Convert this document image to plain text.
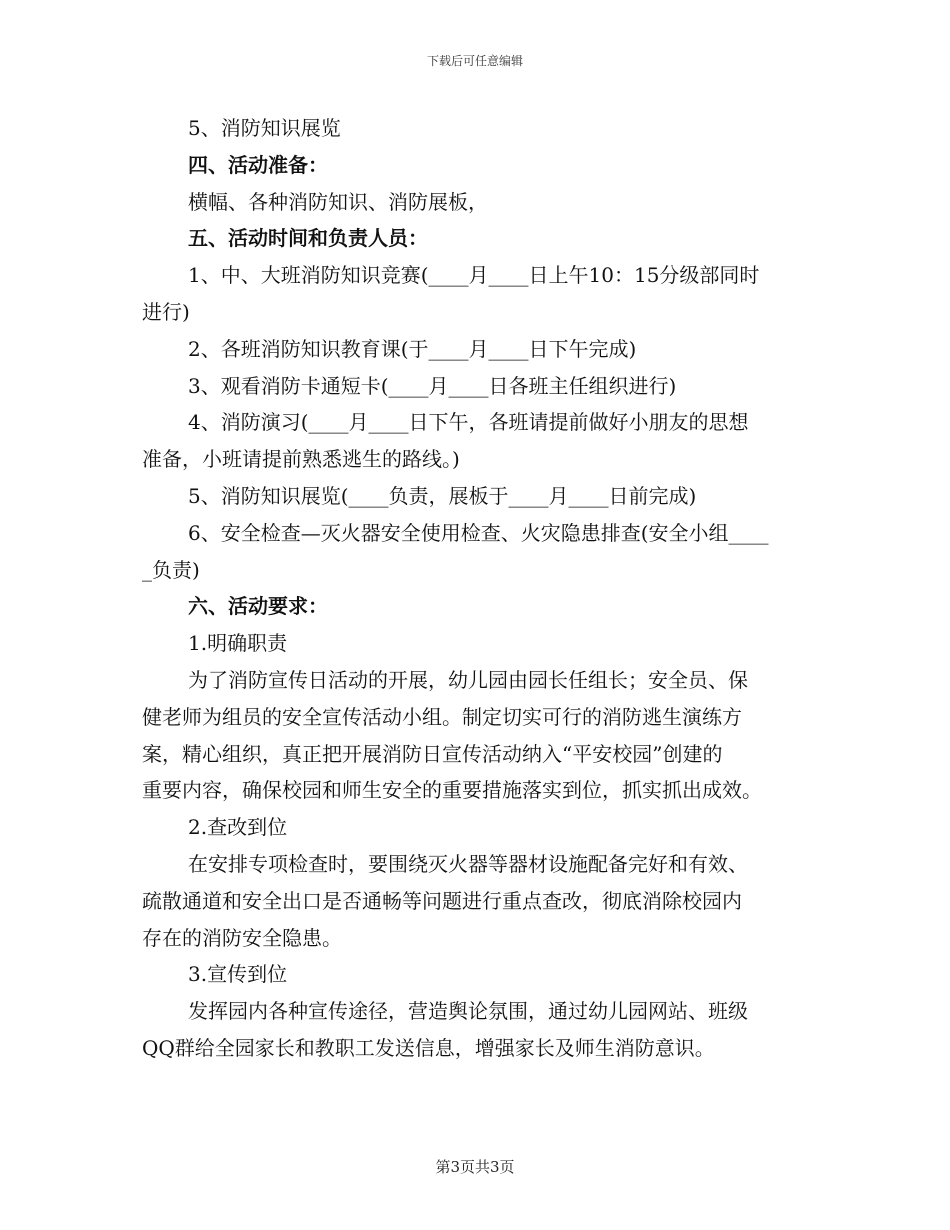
下载后可任意编辑
5、消防知识展览
四、活动准备：
横幅、各种消防知识、消防展板，
五、活动时间和负责人员：
1、中、大班消防知识竞赛(____月____日上午10：15分级部同时
进行)
2、各班消防知识教育课(于____月____日下午完成)
3、观看消防卡通短卡(____月____日各班主任组织进行)
4、消防演习(____月____日下午，各班请提前做好小朋友的思想
准备，小班请提前熟悉逃生的路线。)
5、消防知识展览(____负责，展板于____月____日前完成)
6、安全检查—灭火器安全使用检查、火灾隐患排查(安全小组____
_负责)
六、活动要求：
1.明确职责
为了消防宣传日活动的开展，幼儿园由园长任组长；安全员、保
健老师为组员的安全宣传活动小组。制定切实可行的消防逃生演练方
案，精心组织，真正把开展消防日宣传活动纳入“平安校园”创建的
重要内容，确保校园和师生安全的重要措施落实到位，抓实抓出成效。
2.查改到位
在安排专项检查时，要围绕灭火器等器材设施配备完好和有效、
疏散通道和安全出口是否通畅等问题进行重点查改，彻底消除校园内
存在的消防安全隐患。
3.宣传到位
发挥园内各种宣传途径，营造舆论氛围，通过幼儿园网站、班级
QQ群给全园家长和教职工发送信息，增强家长及师生消防意识。
第3页共3页
